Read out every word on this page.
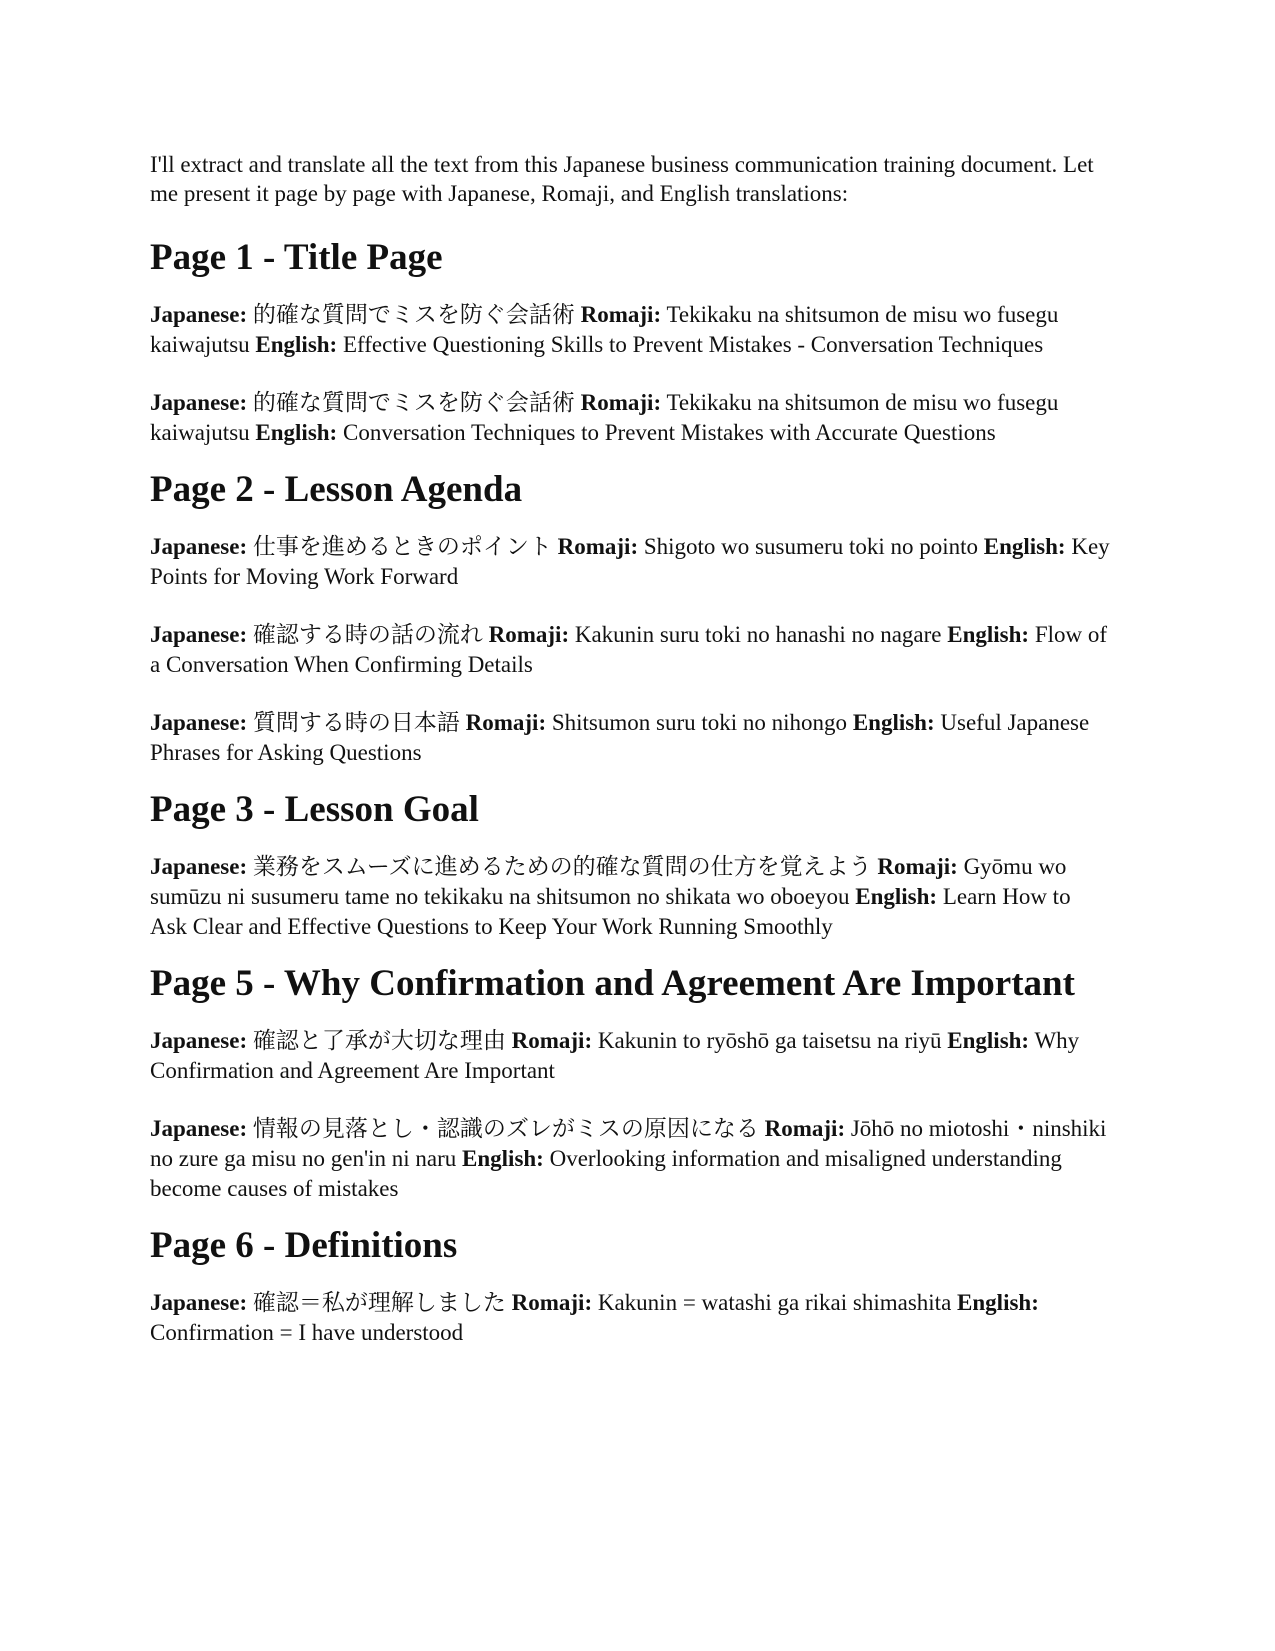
I'll extract and translate all the text from this Japanese business communication training document. Let me present it page by page with Japanese, Romaji, and English translations:

Page 1 - Title Page

Japanese: 的確な質問でミスを防ぐ会話術 Romaji: Tekikaku na shitsumon de misu wo fusegu kaiwajutsu English: Effective Questioning Skills to Prevent Mistakes - Conversation Techniques

Japanese: 的確な質問でミスを防ぐ会話術 Romaji: Tekikaku na shitsumon de misu wo fusegu kaiwajutsu English: Conversation Techniques to Prevent Mistakes with Accurate Questions

Page 2 - Lesson Agenda

Japanese: 仕事を進めるときのポイント Romaji: Shigoto wo susumeru toki no pointo English: Key Points for Moving Work Forward

Japanese: 確認する時の話の流れ Romaji: Kakunin suru toki no hanashi no nagare English: Flow of a Conversation When Confirming Details

Japanese: 質問する時の日本語 Romaji: Shitsumon suru toki no nihongo English: Useful Japanese Phrases for Asking Questions

Page 3 - Lesson Goal

Japanese: 業務をスムーズに進めるための的確な質問の仕方を覚えよう Romaji: Gyōmu wo sumūzu ni susumeru tame no tekikaku na shitsumon no shikata wo oboeyou English: Learn How to Ask Clear and Effective Questions to Keep Your Work Running Smoothly

Page 5 - Why Confirmation and Agreement Are Important

Japanese: 確認と了承が大切な理由 Romaji: Kakunin to ryōshō ga taisetsu na riyū English: Why Confirmation and Agreement Are Important

Japanese: 情報の見落とし・認識のズレがミスの原因になる Romaji: Jōhō no miotoshi・ninshiki no zure ga misu no gen'in ni naru English: Overlooking information and misaligned understanding become causes of mistakes

Page 6 - Definitions

Japanese: 確認＝私が理解しました Romaji: Kakunin = watashi ga rikai shimashita English: Confirmation = I have understood
